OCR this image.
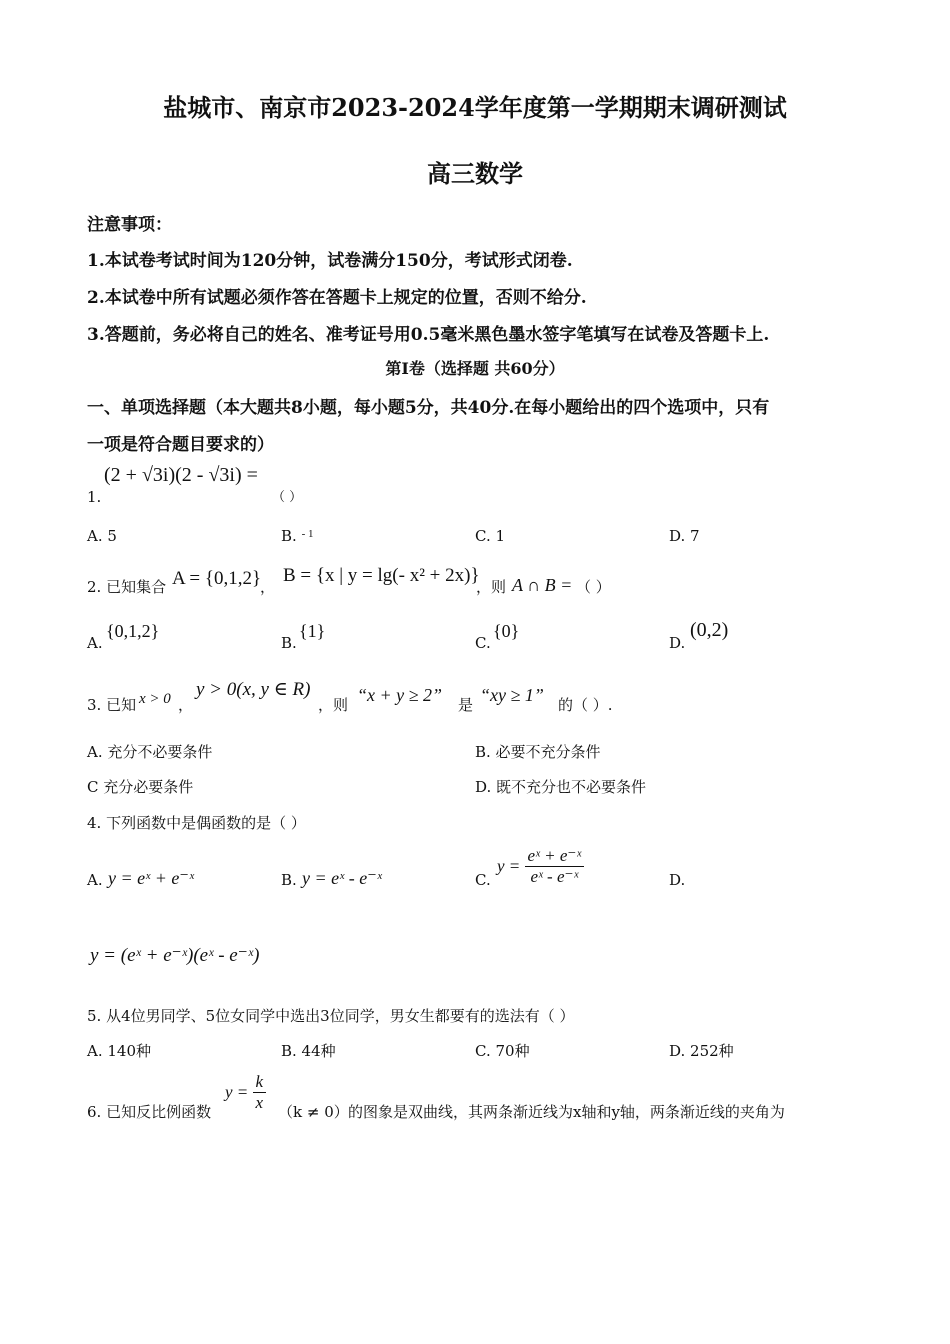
盐城市、南京市2023-2024学年度第一学期期末调研测试
高三数学
注意事项：
1.本试卷考试时间为120分钟，试卷满分150分，考试形式闭卷.
2.本试卷中所有试题必须作答在答题卡上规定的位置，否则不给分.
3.答题前，务必将自己的姓名、准考证号用0.5毫米黑色墨水签字笔填写在试卷及答题卡上.
第Ⅰ卷（选择题 共60分）
一、单项选择题（本大题共8小题，每小题5分，共40分.在每小题给出的四个选项中，只有
一项是符合题目要求的）
1.
(2 + √3i)(2 - √3i) =
（ ）
A. 5	B. $^{- 1}$	C. 1	D. 7
2. 已知集合 A = {0,1,2}
，
B = {x | y = lg(- x² + 2x)}
，则 A ∩ B = （ ）
A.
{0,1,2}
B.
{1}
C.
{0}
D.
(0,2)
3. 已知 x > 0 ，
y > 0(x, y ∈ R)
，则 “x + y ≥ 2” 是 “xy ≥ 1” 的（ ）.
A. 充分不必要条件	B. 必要不充分条件
C 充分必要条件	D. 既不充分也不必要条件
4. 下列函数中是偶函数的是（ ）
A. y = eˣ + e⁻ˣ	B. y = eˣ - e⁻ˣ	C.
$y = \frac{\text{eˣ + e⁻ˣ}}{\text{eˣ - e⁻ˣ}}$	D.
y = (eˣ + e⁻ˣ)(eˣ - e⁻ˣ)
5. 从4位男同学、5位女同学中选出3位同学，男女生都要有的选法有（ ）
A. 140种	B. 44种	C. 70种	D. 252种
6. 已知反比例函数
$y = \frac{k}{x} (k \ne 0)$ 的图象是双曲线，其两条渐近线为x轴和y轴，两条渐近线的夹角为
